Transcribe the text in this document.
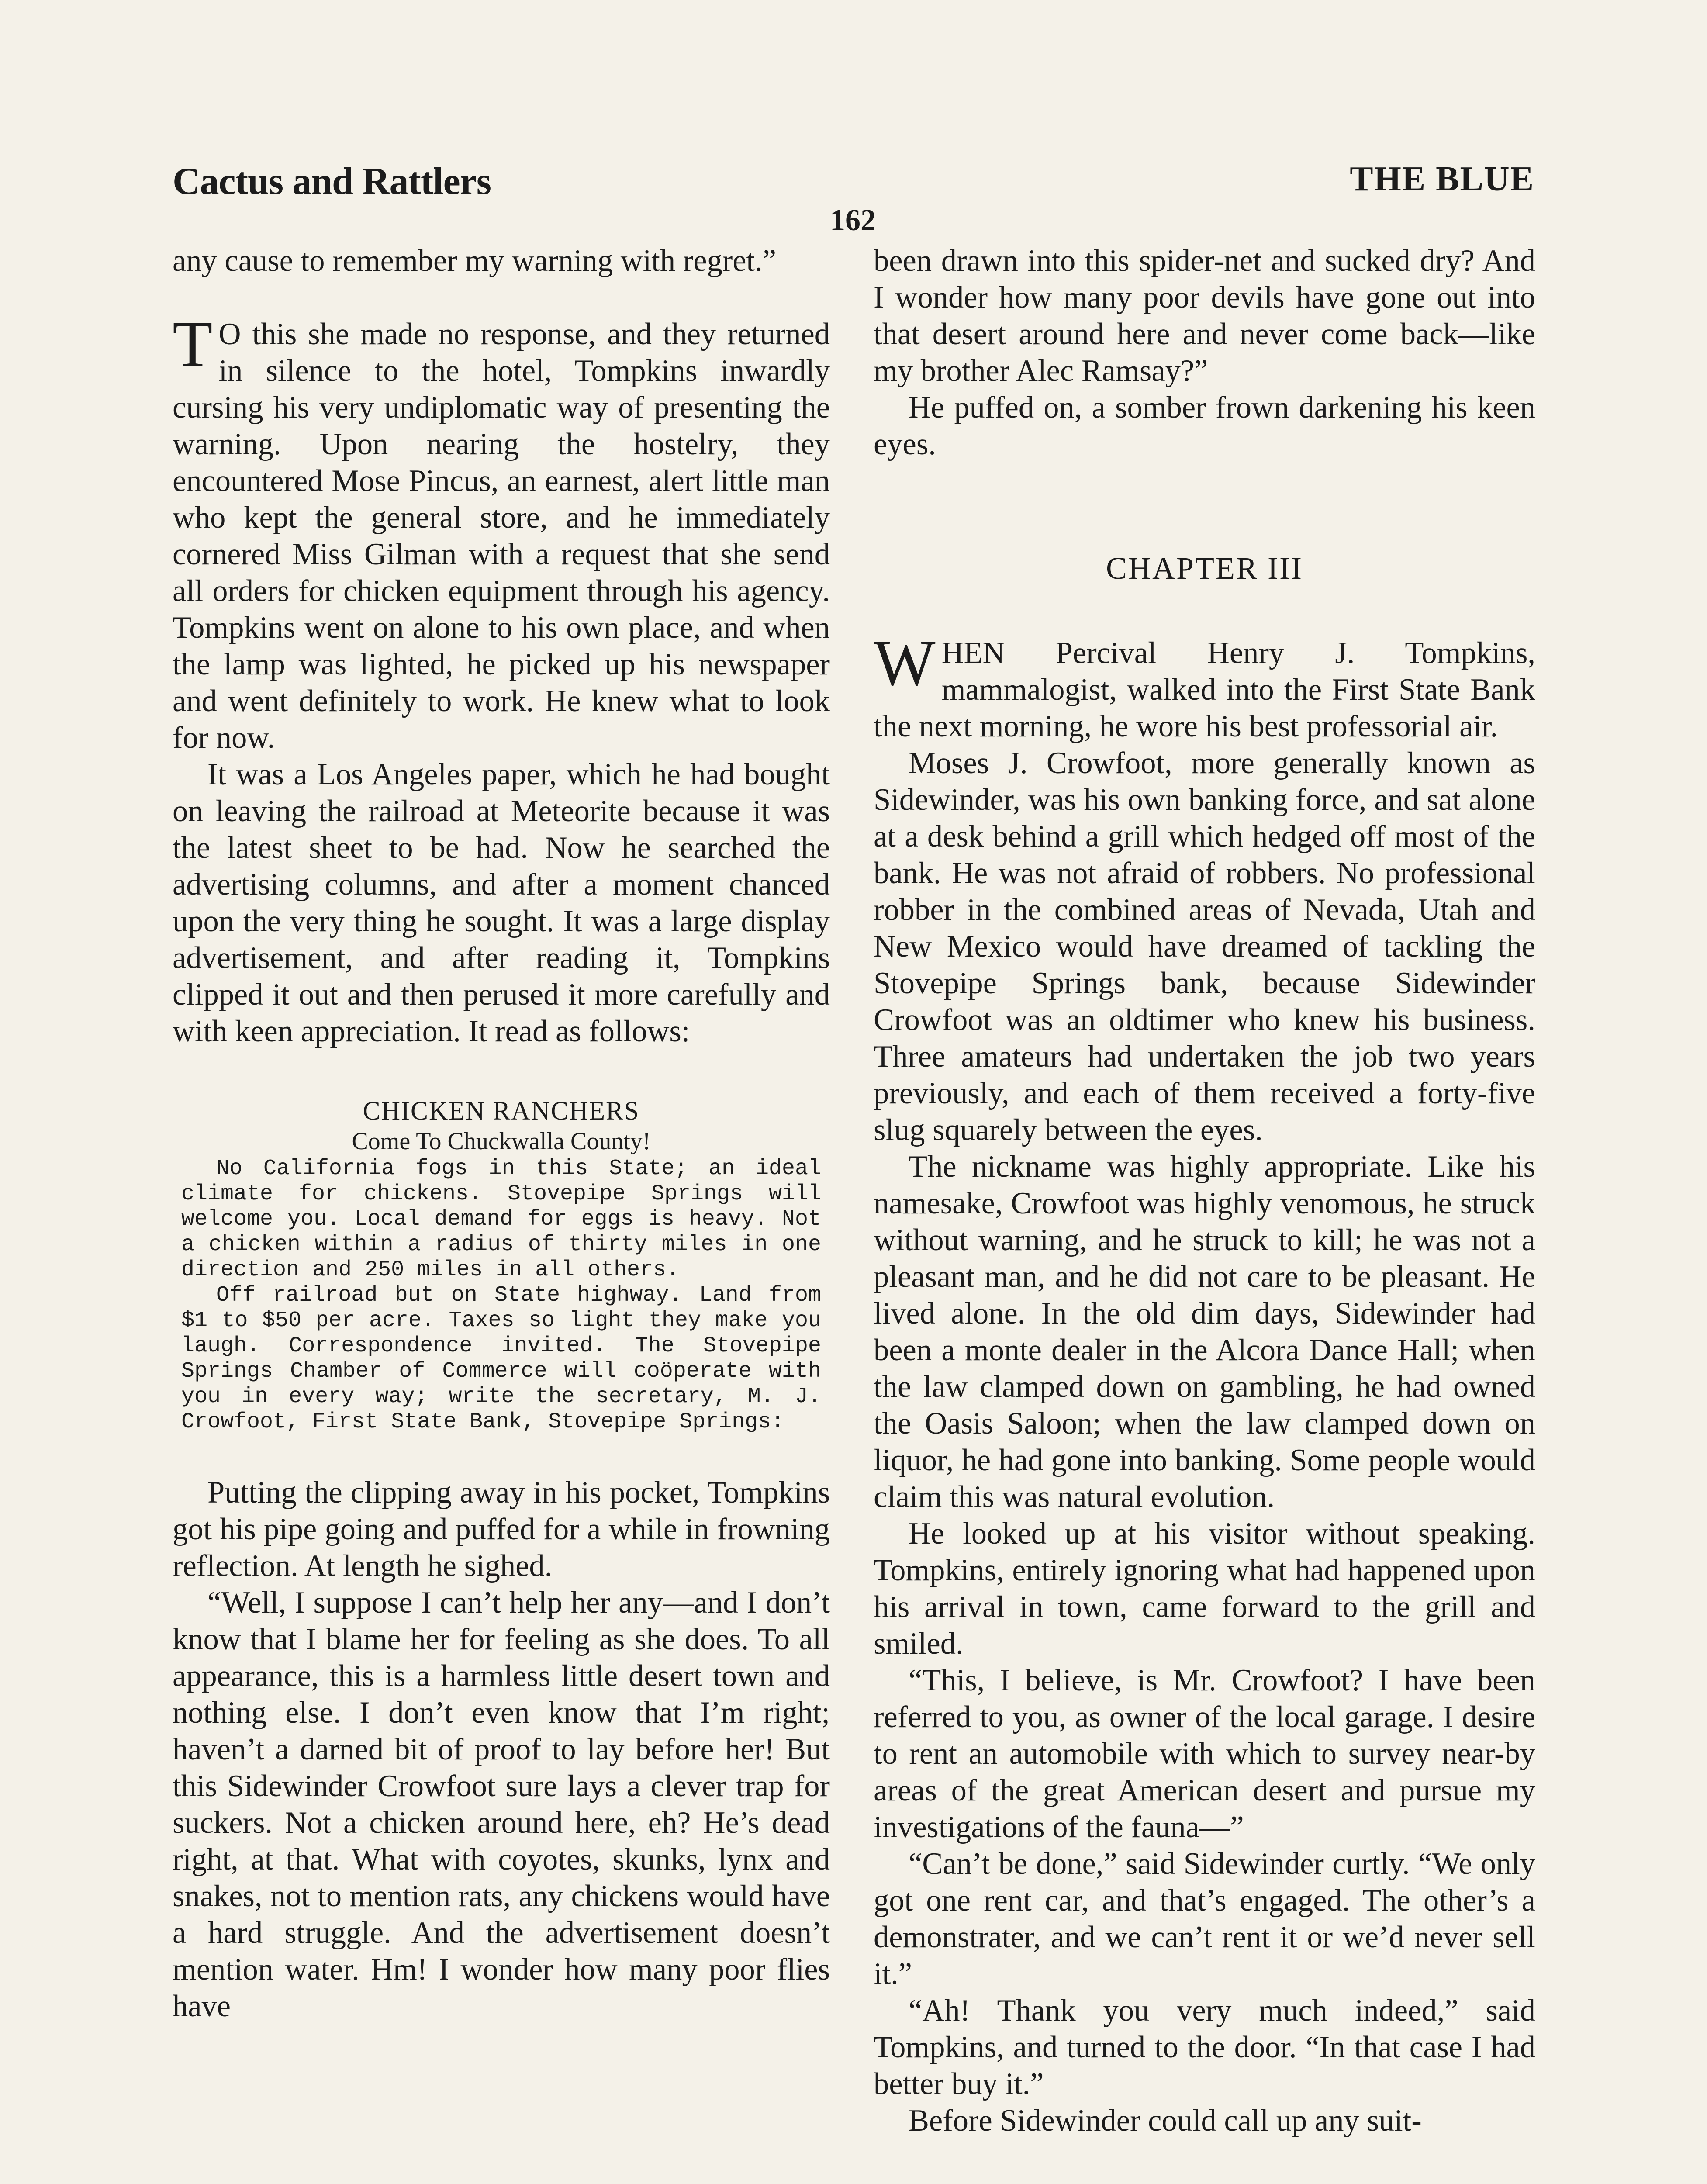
Cactus and Rattlers	THE BLUE
162

any cause to remember my warning with regret.”

T O this she made no response, and they returned in silence to the hotel, Tompkins inwardly cursing his very undiplomatic way of presenting the warning. Upon nearing the hostelry, they encountered Mose Pincus, an earnest, alert little man who kept the general store, and he immediately cornered Miss Gilman with a request that she send all orders for chicken equipment through his agency. Tompkins went on alone to his own place, and when the lamp was lighted, he picked up his newspaper and went definitely to work. He knew what to look for now.

It was a Los Angeles paper, which he had bought on leaving the railroad at Meteorite because it was the latest sheet to be had. Now he searched the advertising columns, and after a moment chanced upon the very thing he sought. It was a large display advertisement, and after reading it, Tompkins clipped it out and then perused it more carefully and with keen appreciation. It read as follows:

CHICKEN RANCHERS
Come To Chuckwalla County!

No California fogs in this State; an ideal climate for chickens. Stovepipe Springs will welcome you. Local demand for eggs is heavy. Not a chicken within a radius of thirty miles in one direction and 250 miles in all others.

Off railroad but on State highway. Land from $1 to $50 per acre. Taxes so light they make you laugh. Correspondence invited. The Stovepipe Springs Chamber of Commerce will coöperate with you in every way; write the secretary, M. J. Crowfoot, First State Bank, Stovepipe Springs:

Putting the clipping away in his pocket, Tompkins got his pipe going and puffed for a while in frowning reflection. At length he sighed.

“Well, I suppose I can’t help her any—and I don’t know that I blame her for feeling as she does. To all appearance, this is a harmless little desert town and nothing else. I don’t even know that I’m right; haven’t a darned bit of proof to lay before her! But this Sidewinder Crowfoot sure lays a clever trap for suckers. Not a chicken around here, eh? He’s dead right, at that. What with coyotes, skunks, lynx and snakes, not to mention rats, any chickens would have a hard struggle. And the advertisement doesn’t mention water. Hm! I wonder how many poor flies have

been drawn into this spider-net and sucked dry? And I wonder how many poor devils have gone out into that desert around here and never come back—like my brother Alec Ramsay?”

He puffed on, a somber frown darkening his keen eyes.

CHAPTER III

WHEN Percival Henry J. Tompkins, mammalogist, walked into the First State Bank the next morning, he wore his best professorial air.

Moses J. Crowfoot, more generally known as Sidewinder, was his own banking force, and sat alone at a desk behind a grill which hedged off most of the bank. He was not afraid of robbers. No professional robber in the combined areas of Nevada, Utah and New Mexico would have dreamed of tackling the Stovepipe Springs bank, because Sidewinder Crowfoot was an oldtimer who knew his business. Three amateurs had undertaken the job two years previously, and each of them received a forty-five slug squarely between the eyes.

The nickname was highly appropriate. Like his namesake, Crowfoot was highly venomous, he struck without warning, and he struck to kill; he was not a pleasant man, and he did not care to be pleasant. He lived alone. In the old dim days, Sidewinder had been a monte dealer in the Alcora Dance Hall; when the law clamped down on gambling, he had owned the Oasis Saloon; when the law clamped down on liquor, he had gone into banking. Some people would claim this was natural evolution.

He looked up at his visitor without speaking. Tompkins, entirely ignoring what had happened upon his arrival in town, came forward to the grill and smiled.

“This, I believe, is Mr. Crowfoot? I have been referred to you, as owner of the local garage. I desire to rent an automobile with which to survey near-by areas of the great American desert and pursue my investigations of the fauna—”

“Can’t be done,” said Sidewinder curtly. “We only got one rent car, and that’s engaged. The other’s a demonstrater, and we can’t rent it or we’d never sell it.”

“Ah! Thank you very much indeed,” said Tompkins, and turned to the door. “In that case I had better buy it.”

Before Sidewinder could call up any suit-
